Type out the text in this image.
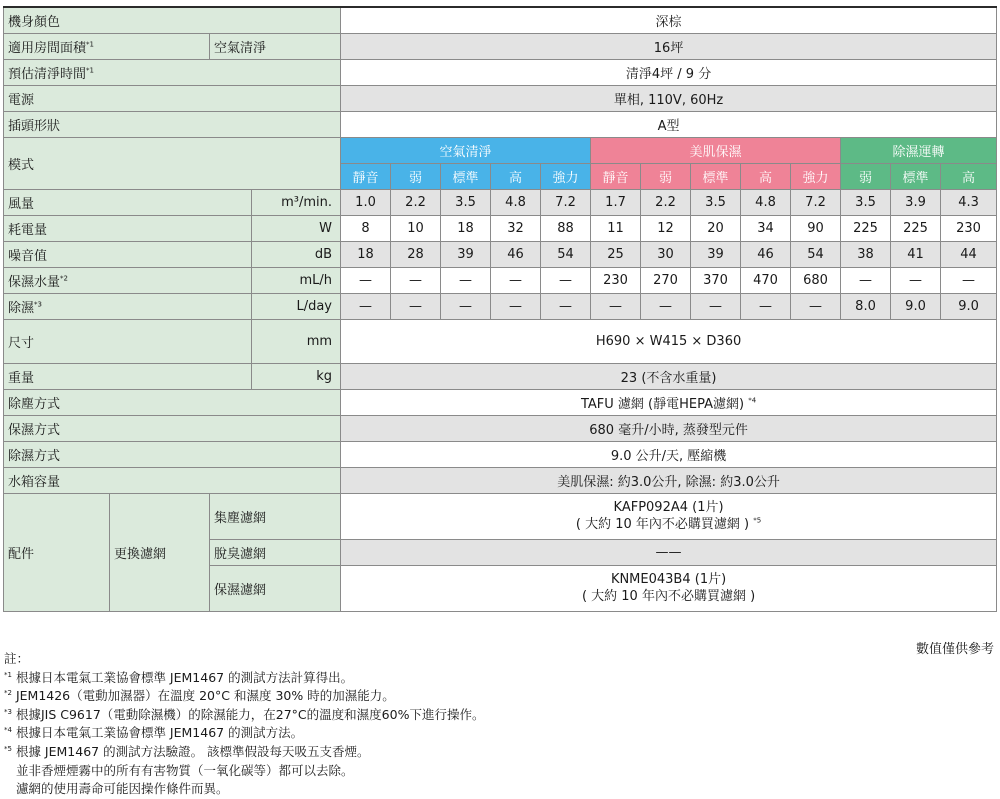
機身顏色				深棕												
適用房間面積$^{*1}$		空氣清淨		16坪												
預估清淨時間$^{*1}$				清淨4坪 / 9 分												
電源				單相, 110V, 60Hz												
插頭形狀				A型												
模式				空氣清淨					美肌保濕					除濕運轉		
				靜音	弱	標準	高	強力	靜音	弱	標準	高	強力	弱	標準	高
風量			m³/min.	1.0	2.2	3.5	4.8	7.2	1.7	2.2	3.5	4.8	7.2	3.5	3.9	4.3
耗電量			W	8	10	18	32	88	11	12	20	34	90	225	225	230
噪音值			dB	18	28	39	46	54	25	30	39	46	54	38	41	44
保濕水量$^{*2}$			mL/h	—	—	—	—	—	230	270	370	470	680	—	—	—
除濕$^{*3}$			L/day	—	—	—	—	—	—	—	—	—	—	8.0	9.0	9.0
尺寸			mm	H690 × W415 × D360												
重量			kg	23 (不含水重量)												
除塵方式				TAFU 濾網 (靜電HEPA濾網) $^{*4}$
保濕方式				680 毫升/小時, 蒸發型元件												
除濕方式				9.0 公升/天, 壓縮機												
水箱容量				美肌保濕: 約3.0公升, 除濕: 約3.0公升												
配件	更換濾網	集塵濾網		KAFP092A4 (1片)
( 大約 10 年內不必購買濾網 ) $^{*5}$

		脫臭濾網		——												
		保濕濾網		KNME043B4 (1片)
( 大約 10 年內不必購買濾網 )												
數值僅供參考
註：
$^{*1}$ 根據日本電氣工業協會標準 JEM1467 的測試方法計算得出。
$^{*2}$ JEM1426（電動加濕器）在溫度 20°C 和濕度 30% 時的加濕能力。
$^{*3}$ 根據JIS C9617（電動除濕機）的除濕能力，在27°C的溫度和濕度60%下進行操作。
$^{*4}$ 根據日本電氣工業協會標準 JEM1467 的測試方法。
$^{*5}$ 根據 JEM1467 的測試方法驗證。 該標準假設每天吸五支香煙。
並非香煙煙霧中的所有有害物質（一氧化碳等）都可以去除。
濾網的使用壽命可能因操作條件而異。
